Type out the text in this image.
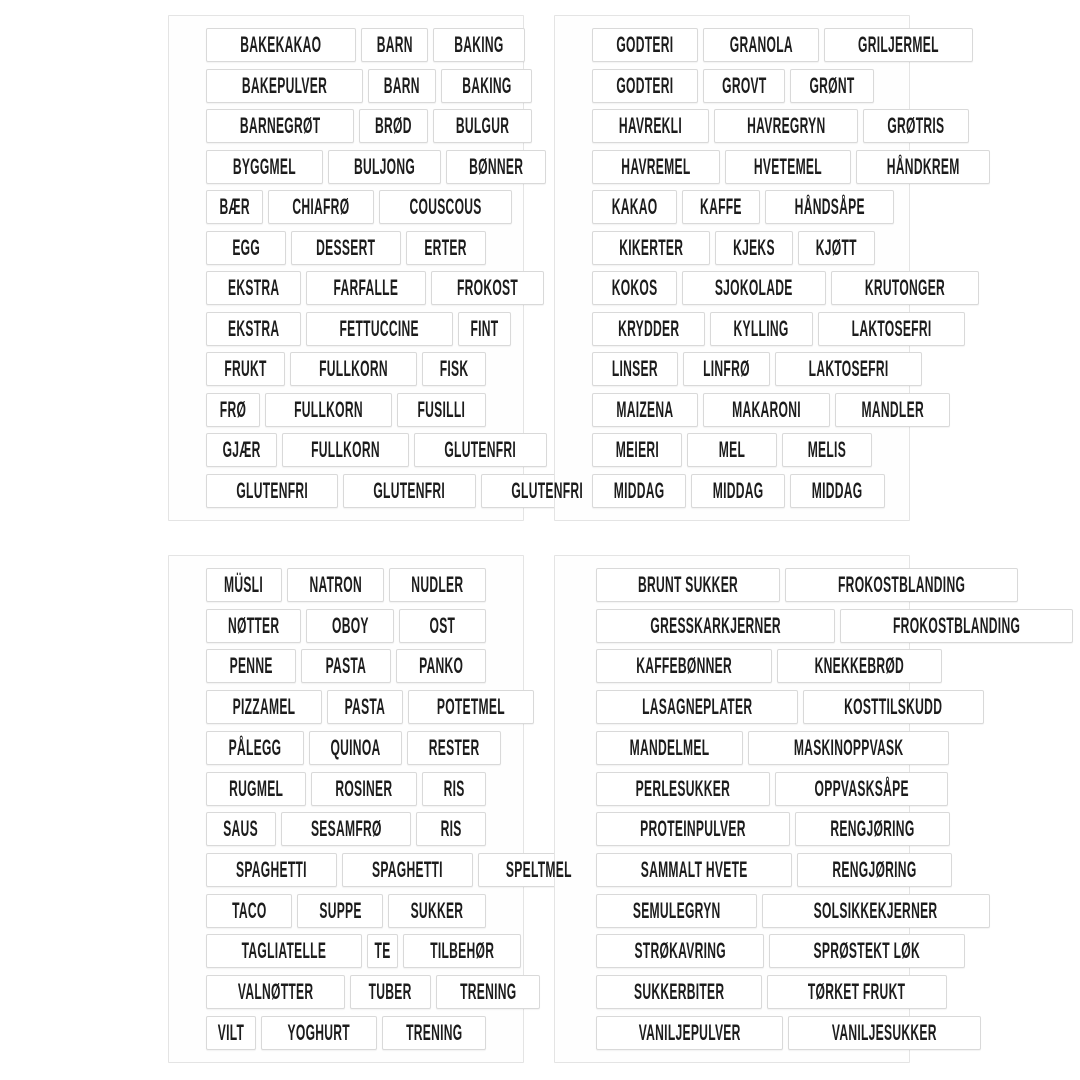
BAKEKAKAO BARN BAKING
BAKEPULVER	BARN BAKING
BARNEGRØT BRØD BULGUR
BYGGMEL	BULJONG BØNNER
BÆR CHIAFRØ	COUSCOUS
EGG	DESSERT ERTER
EKSTRA FARFALLE	FROKOST
EKSTRA	FETTUCCINE FINT
FRUKT FULLKORN FISK
FRØ FULLKORN FUSILLI
GJÆR FULLKORN	GLUTENFRI
GLUTENFRI	GLUTENFRI	GLUTENFRI
GODTERI	GRANOLA	GRILJERMEL
GODTERI GROVT GRØNT
HAVREKLI	HAVREGRYN	GRØTRIS
HAVREMEL	HVETEMEL	HÅNDKREM
KAKAO KAFFE HÅNDSÅPE
KIKERTER KJEKS KJØTT
KOKOS	SJOKOLADE	KRUTONGER
KRYDDER KYLLING	LAKTOSEFRI
LINSER LINFRØ	LAKTOSEFRI
MAIZENA	MAKARONI	MANDLER
MEIERI	MEL	MELIS
MIDDAG MIDDAG MIDDAG
MÜSLI NATRON NUDLER
NØTTER OBOY	OST
PENNE PASTA PANKO
PIZZAMEL PASTA POTETMEL
PÅLEGG QUINOA RESTER
RUGMEL ROSINER RIS
SAUS SESAMFRØ	RIS
SPAGHETTI	SPAGHETTI	SPELTMEL
TACO SUPPE SUKKER
TAGLIATELLE TE TILBEHØR
VALNØTTER	TUBER TRENING
VILT YOGHURT	TRENING
BRUNT SUKKER	FROKOSTBLANDING
GRESSKARKJERNER	FROKOSTBLANDING
KAFFEBØNNER	KNEKKEBRØD
LASAGNEPLATER	KOSTTILSKUDD
MANDELMEL	MASKINOPPVASK
PERLESUKKER	OPPVASKSÅPE
PROTEINPULVER	RENGJØRING
SAMMALT HVETE	RENGJØRING
SEMULEGRYN	SOLSIKKEKJERNER
STRØKAVRING	SPRØSTEKT LØK
SUKKERBITER	TØRKET FRUKT
VANILJEPULVER	VANILJESUKKER
